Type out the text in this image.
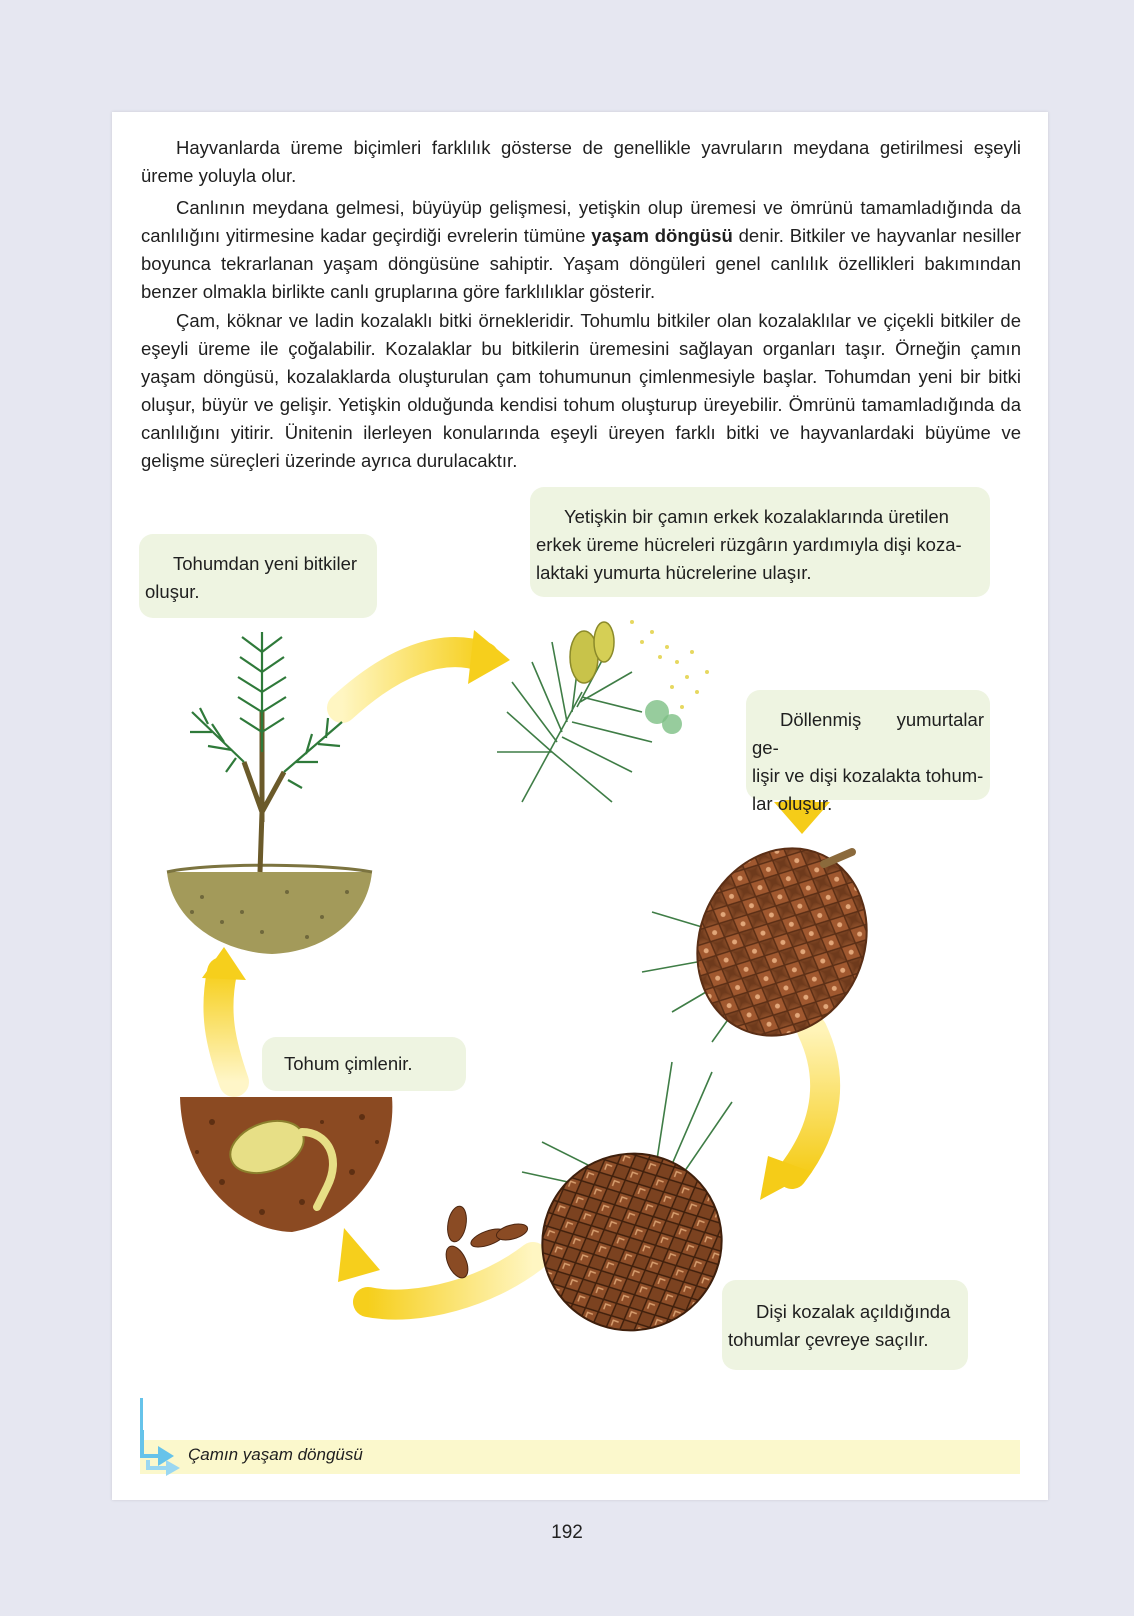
Hayvanlarda üreme biçimleri farklılık gösterse de genellikle yavruların meydana getirilmesi eşeyli üreme yoluyla olur.

Canlının meydana gelmesi, büyüyüp gelişmesi, yetişkin olup üremesi ve ömrünü tamamladığında da canlılığını yitirmesine kadar geçirdiği evrelerin tümüne yaşam döngüsü denir. Bitkiler ve hayvanlar nesiller boyunca tekrarlanan yaşam döngüsüne sahiptir. Yaşam döngüleri genel canlılık özellikleri bakımından benzer olmakla birlikte canlı gruplarına göre farklılıklar gösterir.

Çam, köknar ve ladin kozalaklı bitki örnekleridir. Tohumlu bitkiler olan kozalaklılar ve çiçekli bitkiler de eşeyli üreme ile çoğalabilir. Kozalaklar bu bitkilerin üremesini sağlayan organları taşır. Örneğin çamın yaşam döngüsü, kozalaklarda oluşturulan çam tohumunun çimlenmesiyle başlar. Tohumdan yeni bir bitki oluşur, büyür ve gelişir. Yetişkin olduğunda kendisi tohum oluşturup üreyebilir. Ömrünü tamamladığında da canlılığını yitirir. Ünitenin ilerleyen konularında eşeyli üreyen farklı bitki ve hayvanlardaki büyüme ve gelişme süreçleri üzerinde ayrıca durulacaktır.

Tohumdan yeni bitkiler
oluşur.
Yetişkin bir çamın erkek kozalaklarında üretilen
erkek üreme hücreleri rüzgârın yardımıyla dişi koza-
laktaki yumurta hücrelerine ulaşır.
Döllenmiş yumurtalar ge-
lişir ve dişi kozalakta tohum-
lar oluşur.
Tohum çimlenir.
Dişi kozalak açıldığında
tohumlar çevreye saçılır.
Çamın yaşam döngüsü
192
